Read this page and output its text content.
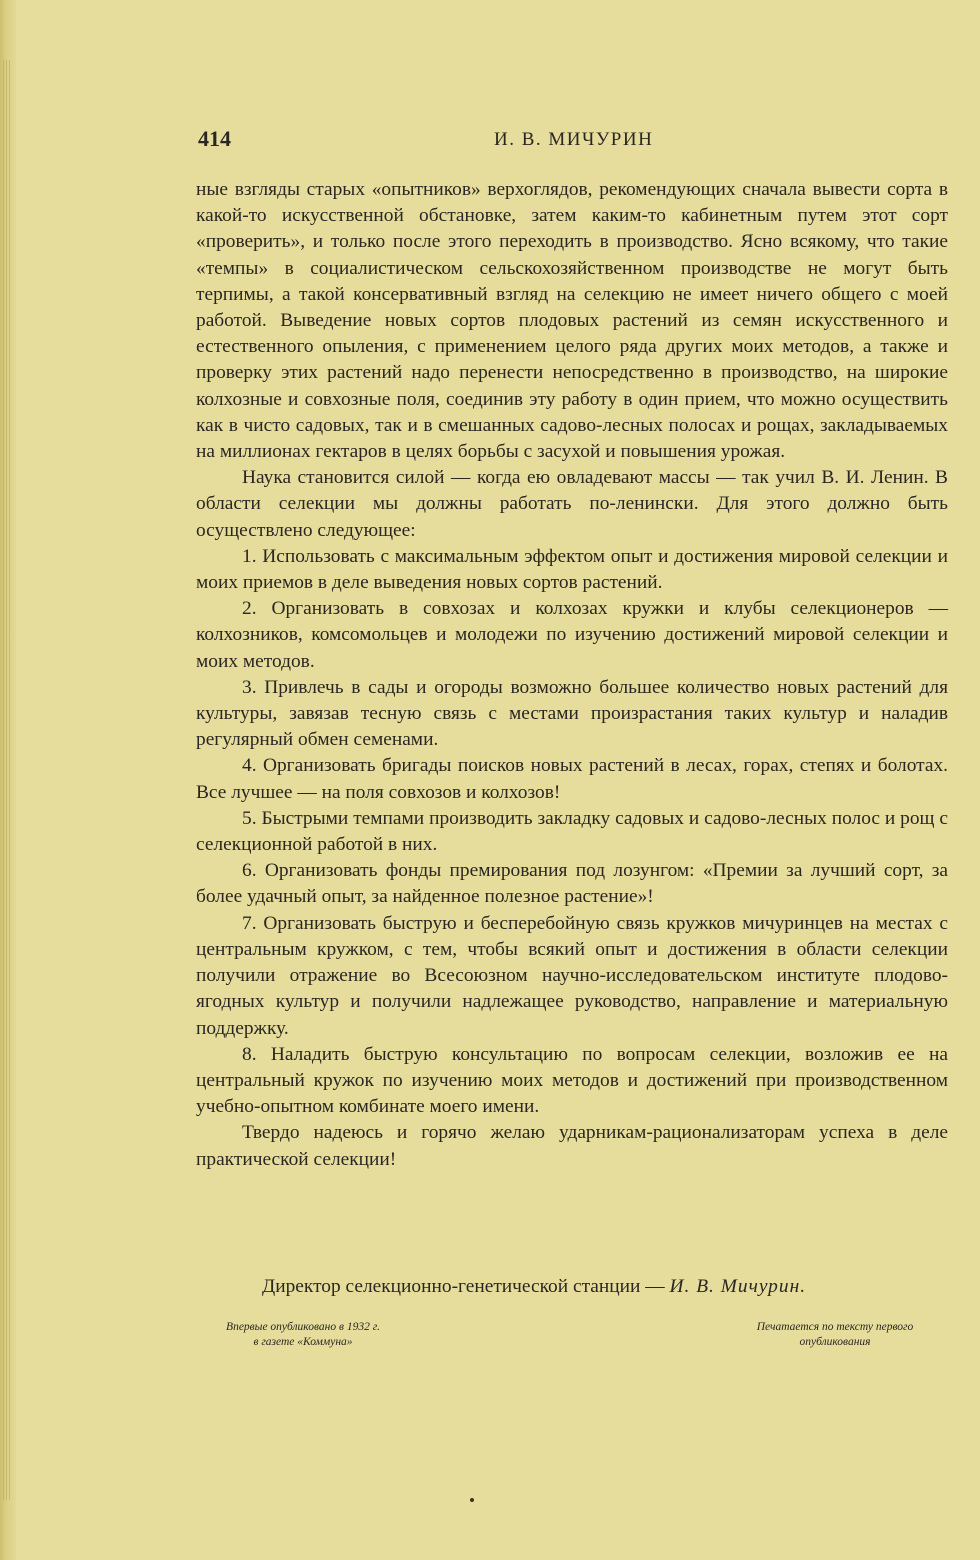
414	И. В. МИЧУРИН

ные взгляды старых «опытников» верхоглядов, рекомендующих сначала вывести сорта в какой-то искусственной обстановке, затем каким-то кабинетным путем этот сорт «проверить», и только после этого переходить в производство. Ясно всякому, что такие «темпы» в социалистическом сельскохозяйственном производстве не могут быть терпимы, а такой консервативный взгляд на селекцию не имеет ничего общего с моей работой. Выведение новых сортов плодовых растений из семян искусственного и естественного опыления, с применением целого ряда других моих методов, а также и проверку этих растений надо перенести непосредственно в производство, на широкие колхозные и совхозные поля, соединив эту работу в один прием, что можно осуществить как в чисто садовых, так и в смешанных садово-лесных полосах и рощах, закладываемых на миллионах гектаров в целях борьбы с засухой и повышения урожая.

Наука становится силой — когда ею овладевают массы — так учил В. И. Ленин. В области селекции мы должны работать по-ленински. Для этого должно быть осуществлено следующее:

1. Использовать с максимальным эффектом опыт и достижения мировой селекции и моих приемов в деле выведения новых сортов растений.

2. Организовать в совхозах и колхозах кружки и клубы селекционеров — колхозников, комсомольцев и молодежи по изучению достижений мировой селекции и моих методов.

3. Привлечь в сады и огороды возможно большее количество новых растений для культуры, завязав тесную связь с местами произрастания таких культур и наладив регулярный обмен семенами.

4. Организовать бригады поисков новых растений в лесах, горах, степях и болотах. Все лучшее — на поля совхозов и колхозов!

5. Быстрыми темпами производить закладку садовых и садово-лесных полос и рощ с селекционной работой в них.

6. Организовать фонды премирования под лозунгом: «Премии за лучший сорт, за более удачный опыт, за найденное полезное растение»!

7. Организовать быструю и бесперебойную связь кружков мичуринцев на местах с центральным кружком, с тем, чтобы всякий опыт и достижения в области селекции получили отражение во Всесоюзном научно-исследовательском институте плодово-ягодных культур и получили надлежащее руководство, направление и материальную поддержку.

8. Наладить быструю консультацию по вопросам селекции, возложив ее на центральный кружок по изучению моих методов и достижений при производственном учебно-опытном комбинате моего имени.

Твердо надеюсь и горячо желаю ударникам-рационализаторам успеха в деле практической селекции!

Директор селекционно-генетической станции — И. В. Мичурин.
Впервые опубликовано в 1932 г.
в газете «Коммуна»
Печатается по тексту первого
опубликования
